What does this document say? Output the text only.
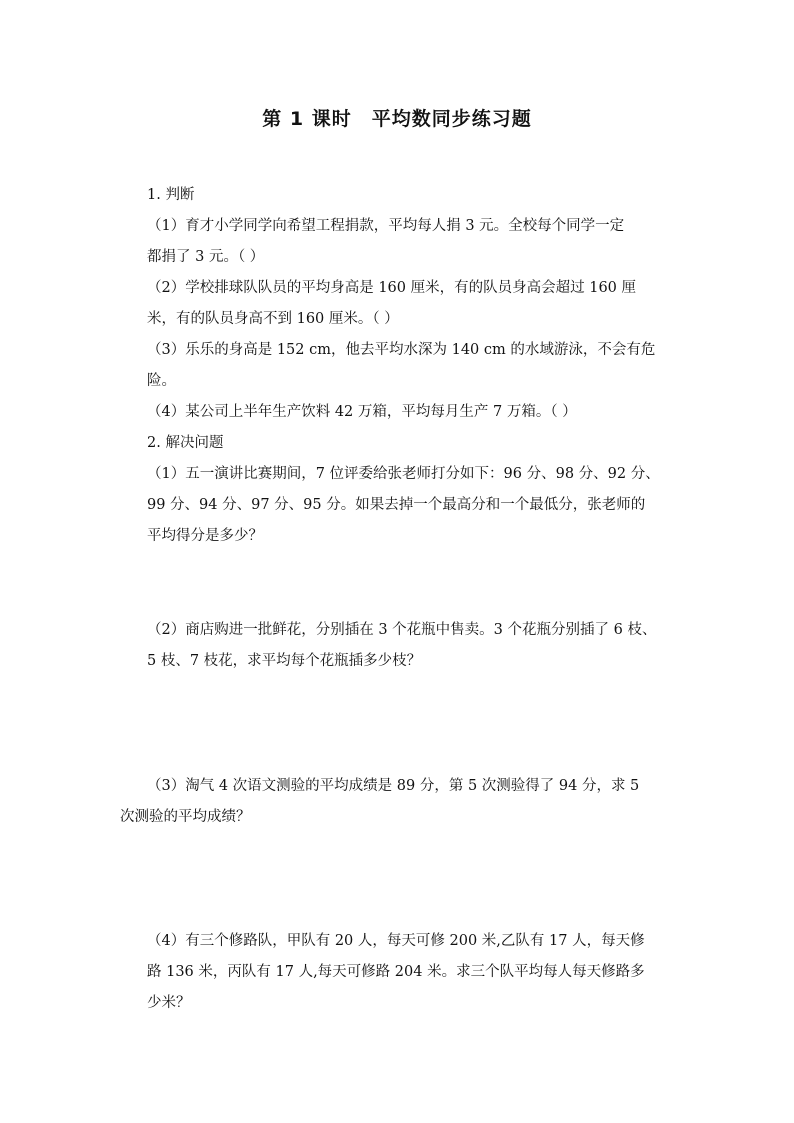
第 1 课时　平均数同步练习题
1. 判断
（1）育才小学同学向希望工程捐款，平均每人捐 3 元。全校每个同学一定
都捐了 3 元。（ ）
（2）学校排球队队员的平均身高是 160 厘米，有的队员身高会超过 160 厘
米，有的队员身高不到 160 厘米。（ ）
（3）乐乐的身高是 152 cm，他去平均水深为 140 cm 的水域游泳，不会有危
险。
（4）某公司上半年生产饮料 42 万箱，平均每月生产 7 万箱。（ ）
2. 解决问题
（1）五一演讲比赛期间，7 位评委给张老师打分如下：96 分、98 分、92 分、
99 分、94 分、97 分、95 分。如果去掉一个最高分和一个最低分，张老师的
平均得分是多少？
（2）商店购进一批鲜花，分别插在 3 个花瓶中售卖。3 个花瓶分别插了 6 枝、
5 枝、7 枝花，求平均每个花瓶插多少枝？
（3）淘气 4 次语文测验的平均成绩是 89 分，第 5 次测验得了 94 分，求 5
次测验的平均成绩？
（4）有三个修路队，甲队有 20 人，每天可修 200 米,乙队有 17 人，每天修
路 136 米，丙队有 17 人,每天可修路 204 米。求三个队平均每人每天修路多
少米？
